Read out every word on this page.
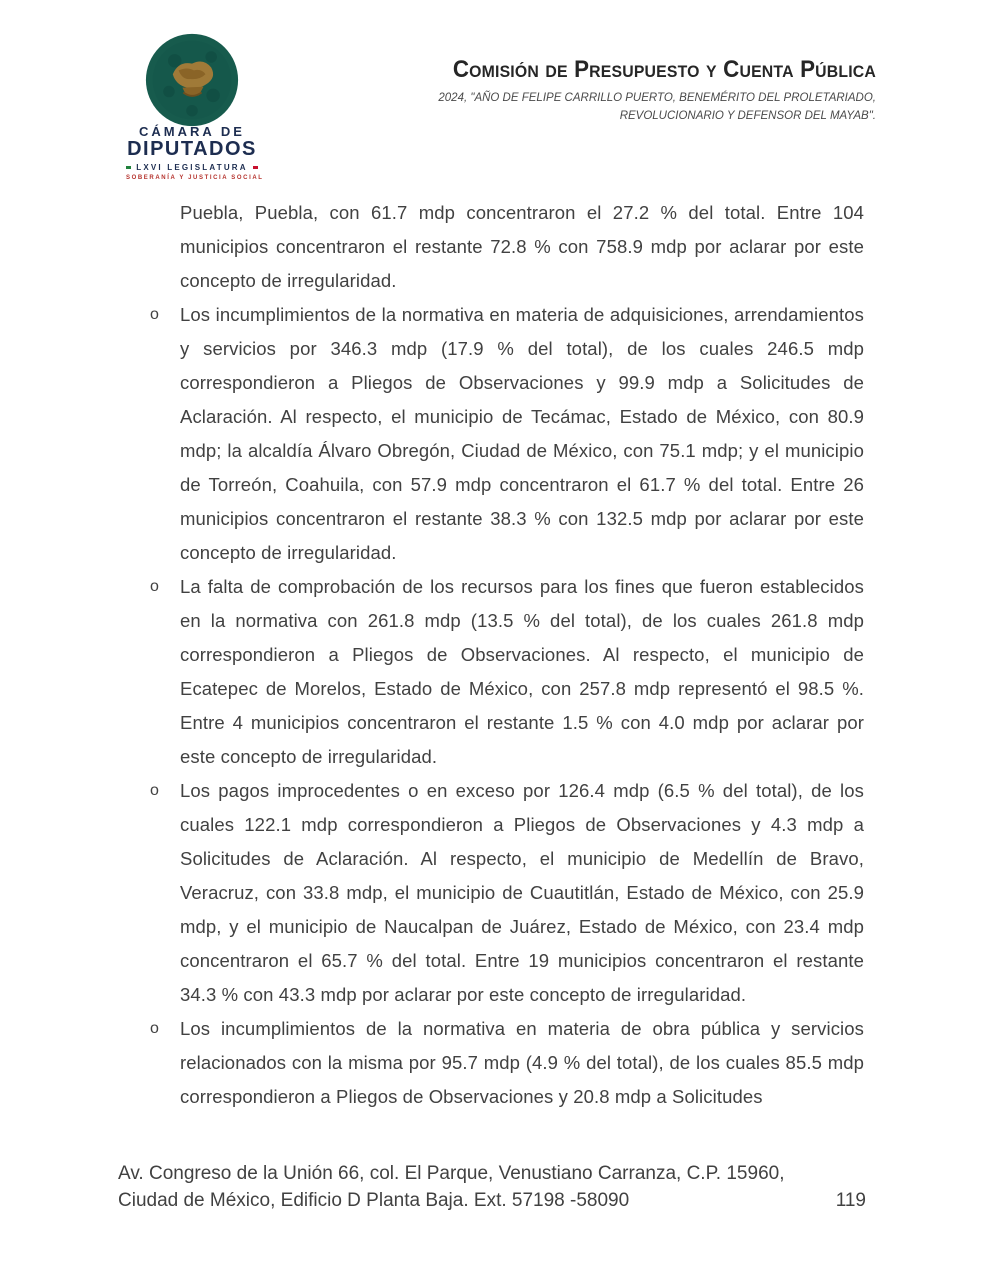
CÁMARA DE
DIPUTADOS
LXVI LEGISLATURA
SOBERANÍA Y JUSTICIA SOCIAL
Comisión de Presupuesto y Cuenta Pública
2024, "AÑO DE FELIPE CARRILLO PUERTO, BENEMÉRITO DEL PROLETARIADO,
REVOLUCIONARIO Y DEFENSOR DEL MAYAB".
Puebla, Puebla, con 61.7 mdp concentraron el 27.2 % del total. Entre 104 municipios concentraron el restante 72.8 % con 758.9 mdp por aclarar por este concepto de irregularidad.
o	Los incumplimientos de la normativa en materia de adquisiciones, arrendamientos y servicios por 346.3 mdp (17.9 % del total), de los cuales 246.5 mdp correspondieron a Pliegos de Observaciones y 99.9 mdp a Solicitudes de Aclaración. Al respecto, el municipio de Tecámac, Estado de México, con 80.9 mdp; la alcaldía Álvaro Obregón, Ciudad de México, con 75.1 mdp; y el municipio de Torreón, Coahuila, con 57.9 mdp concentraron el 61.7 % del total. Entre 26 municipios concentraron el restante 38.3 % con 132.5 mdp por aclarar por este concepto de irregularidad.
o	La falta de comprobación de los recursos para los fines que fueron establecidos en la normativa con 261.8 mdp (13.5 % del total), de los cuales 261.8 mdp correspondieron a Pliegos de Observaciones. Al respecto, el municipio de Ecatepec de Morelos, Estado de México, con 257.8 mdp representó el 98.5 %. Entre 4 municipios concentraron el restante 1.5 % con 4.0 mdp por aclarar por este concepto de irregularidad.
o	Los pagos improcedentes o en exceso por 126.4 mdp (6.5 % del total), de los cuales 122.1 mdp correspondieron a Pliegos de Observaciones y 4.3 mdp a Solicitudes de Aclaración. Al respecto, el municipio de Medellín de Bravo, Veracruz, con 33.8 mdp, el municipio de Cuautitlán, Estado de México, con 25.9 mdp, y el municipio de Naucalpan de Juárez, Estado de México, con 23.4 mdp concentraron el 65.7 % del total. Entre 19 municipios concentraron el restante 34.3 % con 43.3 mdp por aclarar por este concepto de irregularidad.
o	Los incumplimientos de la normativa en materia de obra pública y servicios relacionados con la misma por 95.7 mdp (4.9 % del total), de los cuales 85.5 mdp correspondieron a Pliegos de Observaciones y 20.8 mdp a Solicitudes
Av. Congreso de la Unión 66, col. El Parque, Venustiano Carranza, C.P. 15960,
Ciudad de México, Edificio D Planta Baja. Ext. 57198 -58090	119
